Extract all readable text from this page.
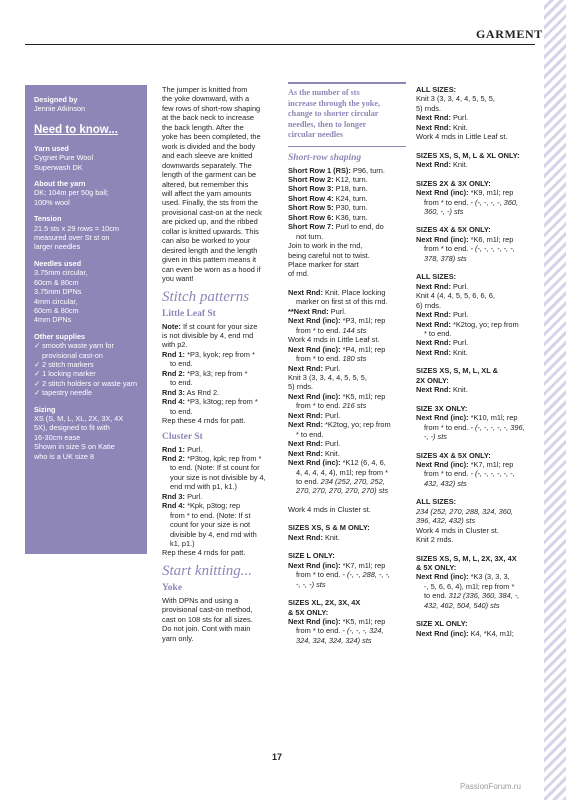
GARMENT
Designed by
Jennie Atkinson
Need to know...
Yarn used
Cygnet Pure Wool
Superwash DK
About the yarn
DK; 104m per 50g ball;
100% wool
Tension
21.5 sts x 29 rows = 10cm
measured over St st on
larger needles
Needles used
3.75mm circular,
60cm & 80cm
3.75mm DPNs
4mm circular,
60cm & 80cm
4mm DPNs
Other supplies
✓ smooth waste yarn for provisional cast-on
✓ 2 stitch markers
✓ 1 locking marker
✓ 2 stitch holders or waste yarn
✓ tapestry needle
Sizing
XS (S, M, L, XL, 2X, 3X, 4X
5X), designed to fit with
16-30cm ease
Shown in size S on Katie
who is a UK size 8

The jumper is knitted from

the yoke downward, with a

few rows of short-row shaping

at the back neck to increase

the back length. After the

yoke has been completed, the

work is divided and the body

and each sleeve are knitted

downwards separately. The

length of the garment can be

altered, but remember this

will affect the yarn amounts

used. Finally, the sts from the

provisional cast-on at the neck

are picked up, and the ribbed

collar is knitted upwards. This

can also be worked to your

desired length and the length

given in this pattern means it

can even be worn as a hood if

you want!

Stitch patterns
Little Leaf St

Note: If st count for your size

is not divisible by 4, end rnd

with p2.

Rnd 1: *P3, kyok; rep from *

to end.

Rnd 2: *P3, k3; rep from *

to end.

Rnd 3: As Rnd 2.

Rnd 4: *P3, k3tog; rep from *

to end.

Rep these 4 rnds for patt.

Cluster St

Rnd 1: Purl.

Rnd 2: *P3tog, kpk; rep from *

to end. (Note: If st count for

your size is not divisible by 4,

end rnd with p1, k1.)

Rnd 3: Purl.

Rnd 4: *Kpk, p3tog; rep

from * to end. (Note: If st

count for your size is not

divisible by 4, end rnd with

k1, p1.)

Rep these 4 rnds for patt.

Start knitting...
Yoke

With DPNs and using a

provisional cast-on method,

cast on 108 sts for all sizes.

Do not join. Cont with main

yarn only.

As the number of sts
increase through the yoke,
change to shorter circular
needles, then to longer
circular needles
Short-row shaping

Short Row 1 (RS): P96, turn.

Short Row 2: K12, turn.

Short Row 3: P18, turn.

Short Row 4: K24, turn.

Short Row 5: P30, turn.

Short Row 6: K36, turn.

Short Row 7: Purl to end, do

not turn.

Join to work in the rnd,

being careful not to twist.

Place marker for start

of rnd.

Next Rnd: Knit. Place locking

marker on first st of this rnd.

**Next Rnd: Purl.

Next Rnd (inc): *P3, m1l; rep

from * to end. 144 sts

Work 4 rnds in Little Leaf st.

Next Rnd (inc): *P4, m1l; rep

from * to end. 180 sts

Next Rnd: Purl.

Knit 3 (3, 3, 4, 4, 5, 5, 5,

5) rnds.

Next Rnd (inc): *K5, m1l; rep

from * to end. 216 sts

Next Rnd: Purl.

Next Rnd: *K2tog, yo; rep from

* to end.

Next Rnd: Purl.

Next Rnd: Knit.

Next Rnd (inc): *K12 (6, 4, 6,

4, 4, 4, 4, 4), m1l; rep from *

to end. 234 (252, 270, 252,

270, 270, 270, 270, 270) sts

Work 4 rnds in Cluster st.

SIZES XS, S & M ONLY:

Next Rnd: Knit.

SIZE L ONLY:

Next Rnd (inc): *K7, m1l; rep

from * to end. - (-, -, 288, -, -,

-, -, -) sts

SIZES XL, 2X, 3X, 4X

& 5X ONLY:

Next Rnd (inc): *K5, m1l; rep

from * to end. - (-, -, -, 324,

324, 324, 324, 324) sts

ALL SIZES:

Knit 3 (3, 3, 4, 4, 5, 5, 5,

5) rnds.

Next Rnd: Purl.

Next Rnd: Knit.

Work 4 rnds in Little Leaf st.

SIZES XS, S, M, L & XL ONLY:

Next Rnd: Knit.

SIZES 2X & 3X ONLY:

Next Rnd (inc): *K9, m1l; rep

from * to end. - (-, -, -, -, 360,

360, -, -) sts

SIZES 4X & 5X ONLY:

Next Rnd (inc): *K6, m1l; rep

from * to end. - (-, -, -, -, -, -,

378, 378) sts

ALL SIZES:

Next Rnd: Purl.

Knit 4 (4, 4, 5, 5, 6, 6, 6,

6) rnds.

Next Rnd: Purl.

Next Rnd: *K2tog, yo; rep from

* to end.

Next Rnd: Purl.

Next Rnd: Knit.

SIZES XS, S, M, L, XL &

2X ONLY:

Next Rnd: Knit.

SIZE 3X ONLY:

Next Rnd (inc): *K10, m1l; rep

from * to end. - (-, -, -, -, -, 396,

-, -) sts

SIZES 4X & 5X ONLY:

Next Rnd (inc): *K7, m1l; rep

from * to end. - (-, -, -, -, -, -,

432, 432) sts

ALL SIZES:

234 (252, 270, 288, 324, 360,

396, 432, 432) sts

Work 4 rnds in Cluster st.

Knit 2 rnds.

SIZES XS, S, M, L, 2X, 3X, 4X

& 5X ONLY:

Next Rnd (inc): *K3 (3, 3, 3,

-, 5, 6, 6, 4), m1l; rep from *

to end. 312 (336, 360, 384, -,

432, 462, 504, 540) sts

SIZE XL ONLY:

Next Rnd (inc): K4, *K4, m1l;

17
PassionForum.ru
